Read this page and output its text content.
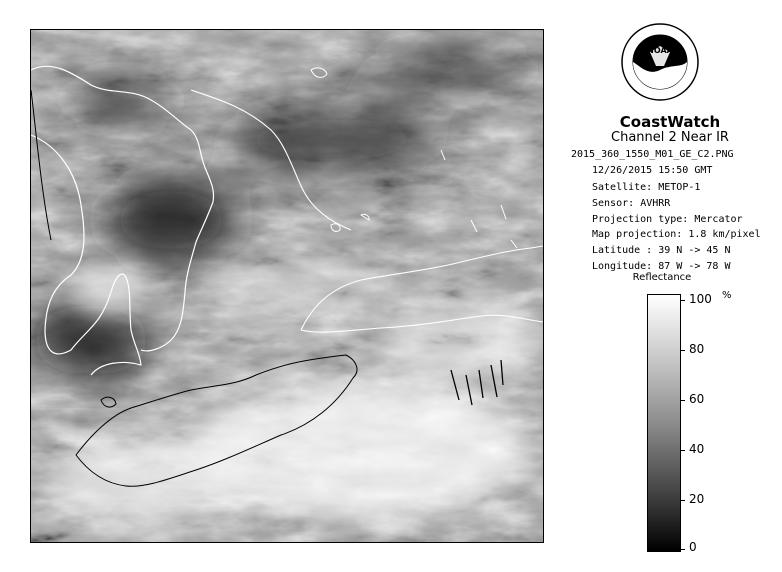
NOAA
CoastWatch
Channel 2 Near IR
2015_360_1550_M01_GE_C2.PNG
12/26/2015 15:50 GMT
Satellite: METOP-1
Sensor: AVHRR
Projection type: Mercator
Map projection: 1.8 km/pixel
Latitude : 39 N -> 45 N
Longitude: 87 W -> 78 W
Reflectance
%
100
80
60
40
20
0
